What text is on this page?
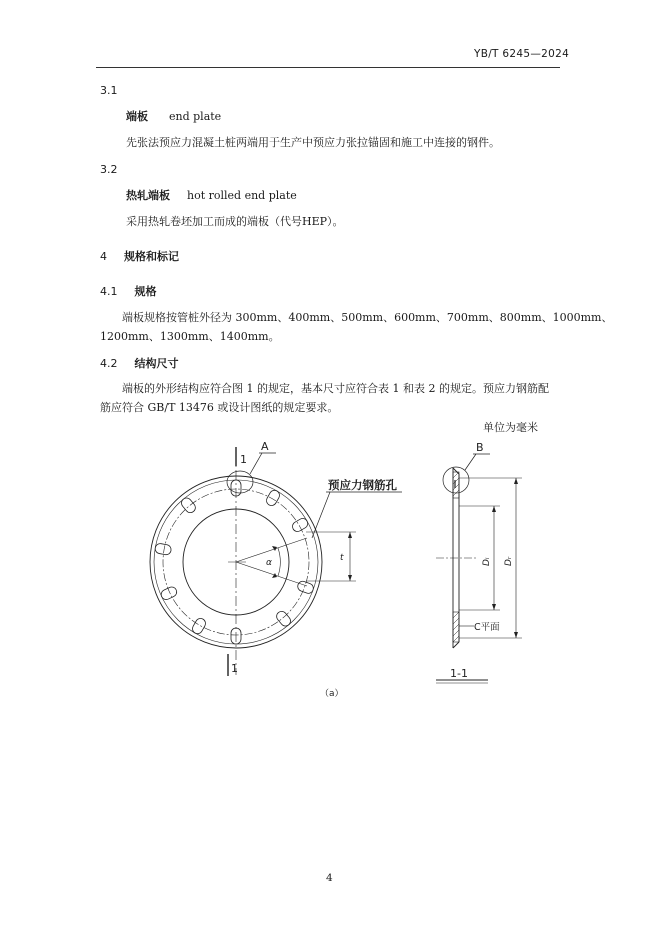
YB/T 6245—2024
3.1
端板 end plate
先张法预应力混凝土桩两端用于生产中预应力张拉锚固和施工中连接的钢件。
3.2
热轧端板 hot rolled end plate
采用热轧卷坯加工而成的端板（代号HEP）。
4 规格和标记
4.1 规格
端板规格按管桩外径为 300mm、400mm、500mm、600mm、700mm、800mm、1000mm、
1200mm、1300mm、1400mm。
4.2 结构尺寸
端板的外形结构应符合图 1 的规定，基本尺寸应符合表 1 和表 2 的规定。预应力钢筋配
筋应符合 GB/T 13476 或设计图纸的规定要求。
A
1
1
预应力钢筋孔
α	t
单位为毫米
B
Dᵢ Dᵣ
C平面
1-1
（a）
4
